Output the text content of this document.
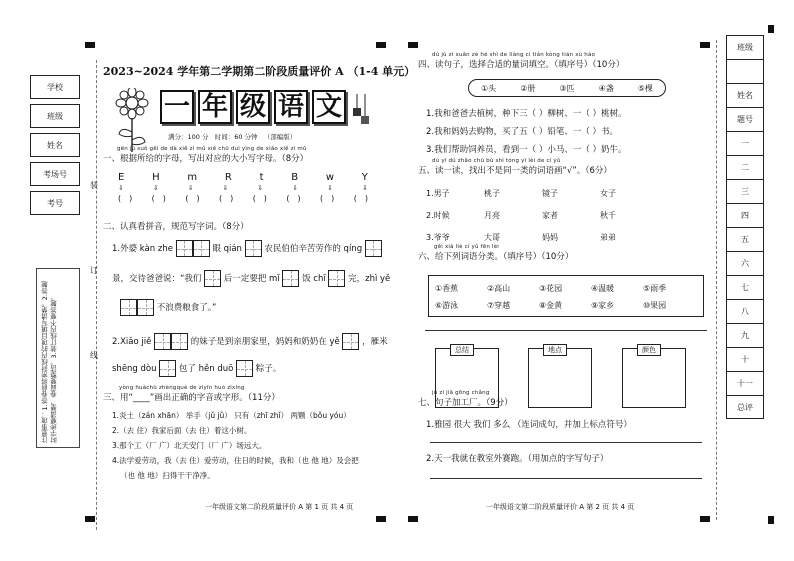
学校
班级
姓名
考场号
考号
注意事项：1.答卷前将密封线内的项目填写清楚。2.答题时字迹要清楚、卷面要整洁。3.装订线内不要答题。
装
订
线
2023~2024 学年第二学期第二阶段质量评价 A （1-4 单元）
一 年 级 语 文
满分：100 分 时间：60 分钟 （部编版）
gēn jù suǒ gěi de dà xiě zì mǔ xiě chū duì yìng de xiǎo xiě zì mǔ
一、根据所给的字母，写出对应的大小写字母。（8分）
E	H	m	R	t	B	w	Y
⇓	⇓	⇓	⇓	⇓	⇓	⇓	⇓
(　) (　) (　) (　) (　) (　) (　) (　)
二、认真看拼音，规范写字词。（8分）
1.外婆 kàn zhe	眼 qián	农民伯伯辛苦劳作的 qíng
景，交待爸爸说：“我们	后一定要把 mǐ	饭 chī	完，zhì yě
不浪费粮食了。”
2.Xiǎo jiě	的妹子是到亲朋家里，妈妈和奶奶在 yě	，雁米
shēng dòu	包了 hěn duō	粽子。
yòng huàchū zhèngquè de zìyīn huò zìxíng
三、用“____”画出正确的字音或字形。（11分）
1.炎土（zán xhān） 举手（jǔ jǔ） 只有（zhī zhǐ） 两颗（bǒu yóu）
2.（去 住）我家后面（去 住）着这小树。
3.那个工（厂 广）北天安门（厂 广）场远大。
4.法学爱劳动，我（去 住）爱劳动，住日的时候，我和（也 他 地）及会把
（也 他 地）扫得干干净净。
一年级语文第二阶段质量评价 A 第 1 页 共 4 页
dú jù zi xuǎn zé hé shì de liàng cí tián kòng tián xù hào
四、读句子，选择合适的量词填空。（填序号）（10分）
①头	②册	③匹	④盏	⑤棵
1.我和爸爸去植树，种下三（ ）柳树、一（ ）桃树。
2.我和妈妈去购物，买了五（ ）铅笔、一（ ）书。
3.我们帮助饲养员，看到一（ ）小马、一（ ）奶牛。
dú yī dú zhǎo chū bù shì tóng yī lèi de cí yǔ
五、读一读，找出不是同一类的词语画“√”。（6分）
1.男子	桃子	镜子	女子
2.时候	月亮	家者	秋千
3.爷爷	大哥	妈妈	弟弟
gěi xià liè cí yǔ fēn lèi
六、给下列词语分类。（填序号）（10分）
①香蕉	②高山	③花园	④温暖	⑤雨季
⑥游泳	⑦穿越	⑧金黄	⑨家乡	⑩果园
总结	地点	颜色
jù zi jiā gōng chǎng
七、句子加工厂。（9分）
1.雅园 很大 我们 多么 （连词成句，并加上标点符号）
2.天一我就在教室外赛跑。（用加点的字写句子）
一年级语文第二阶段质量评价 A 第 2 页 共 4 页
班级
姓名
题号
一
二
三
四
五
六
七
八
九
十
十一
总评
